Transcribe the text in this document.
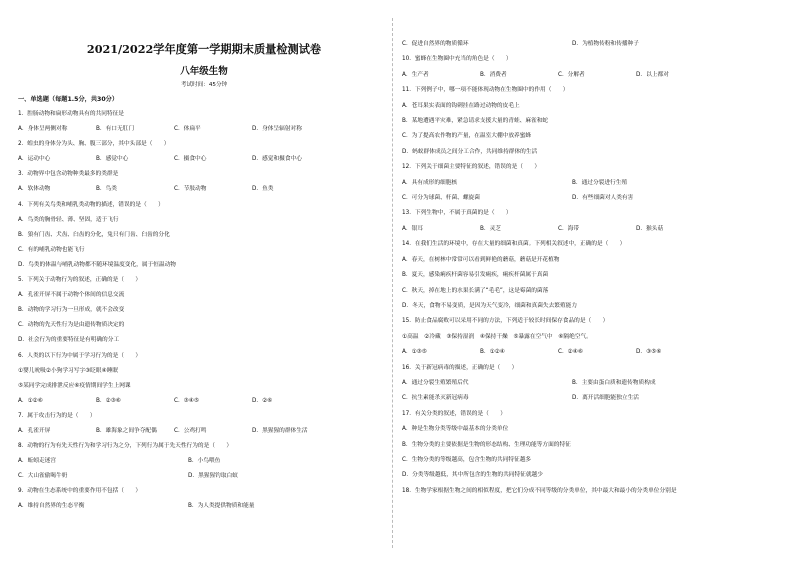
2021/2022学年度第一学期期末质量检测试卷
八年级生物
考试时间：45分钟
一、单选题（每题1.5分，共30分）
1．腔肠动物和扁形动物具有的共同特征是
A．身体呈两侧对称	B．有口无肛门	C．体扁平	D．身体呈辐射对称
2．蝗虫的身体分为头、胸、腹三部分，其中头部是（　　）
A．运动中心	B．感觉中心	C．摄食中心	D．感觉和摄食中心
3．动物界中包含动物种类最多的类群是
A．软体动物	B．鸟类	C．节肢动物	D．鱼类
4．下列有关鸟类和哺乳类动物的描述，错误的是（　　）
A．鸟类的胸骨轻、薄、坚固，适于飞行
B．狼有门齿、犬齿、臼齿的分化，兔只有门齿、臼齿的分化
C．有的哺乳动物也能飞行
D．鸟类的体温与哺乳动物都不随环境温度变化，属于恒温动物
5．下列关于动物行为的叙述，正确的是（　　）
A．孔雀开屏不属于动物个体间的信息交流
B．动物的学习行为一旦形成，就不会改变
C．动物的先天性行为是由遗传物质决定的
D．社会行为的重要特征是有明确的分工
6．人类的以下行为中属于学习行为的是（　　）
①婴儿吮吸②小狗学习写字③眨眼④睡眠
⑤某同学完成排泄反应⑥疫情期间学生上网课
A．①②⑥	B．②③⑥	C．③④⑤	D．②⑥
7．属于攻击行为的是（　　）
A．孔雀开屏	B．雄海象之间争夺配偶	C．公鸡打鸣	D．黑猩猩的群体生活
8．动物的行为有先天性行为和学习行为之分，下列行为属于先天性行为的是（　　）
A．蚯蚓走迷宫	B．小鸟喂鱼
C．大山雀偷喝牛奶	D．黑猩猩钓取白蚁
9．动物在生态系统中的重要作用不包括（　　）
A．维持自然界的生态平衡	B．为人类提供物质和能量
C．促进自然界的物质循环	D．为植物传粉和传播种子
10．蜜蜂在生物圈中充当的角色是（　　）
A．生产者	B．消费者	C．分解者	D．以上都对
11．下列例子中，哪一项不能体现动物在生物圈中的作用（　　）
A．苍耳果实表面的钩刺挂在路过动物的皮毛上
B．某地遭遇平灾难，紧急请求支援大量的青蛙、麻雀和蛇
C．为了提高农作物的产量，在温室大棚中放养蜜蜂
D．蚂蚁群体成员之间分工合作，共同维持群体的生活
12．下列关于细菌主要特征的叙述，错误的是（　　）
A．具有成形的细胞核	B．通过分裂进行生殖
C．可分为球菌、杆菌、螺旋菌	D．有些细菌对人类有害
13．下列生物中，不属于真菌的是（　　）
A．银耳	B．灵芝	C．海带	D．猴头菇
14．在我们生活的环境中，存在大量的细菌和真菌。下列相关叙述中，正确的是（　　）
A．春天，在树林中常常可以看到鲜艳的蘑菇，蘑菇是开花植物
B．夏天，感染痢疾杆菌容易引发痢疾，痢疾杆菌属于真菌
C．秋天，掉在地上的水果长满了“毛毛”，这是霉菌的菌落
D．冬天，食物不易变质，是因为天气变冷，细菌和真菌失去繁殖能力
15．防止食品腐败可以采用不同的方法，下列适于较长时间保存食品的是（　　）
①高温　②冷藏　③保持湿润　④保持干燥　⑤暴露在空气中　⑥隔绝空气。
A．①③⑤	B．①②④	C．②④⑥	D．③⑤⑥
16．关于新冠病毒的描述，正确的是（　　）
A．通过分裂生殖繁殖后代	B．主要由蛋白质和遗传物质构成
C．抗生素能杀灭新冠病毒	D．离开活细胞能独立生活
17．有关分类的叙述，错误的是（　　）
A．种是生物分类等级中最基本的分类单位
B．生物分类的主要依据是生物的形态结构、生理功能等方面的特征
C．生物分类的等级越高，包含生物的共同特征越多
D．分类等级越低，其中所包含的生物的共同特征就越少
18．生物学家根据生物之间的相似程度，把它们分成不同等级的分类单位，其中最大和最小的分类单位分别是
